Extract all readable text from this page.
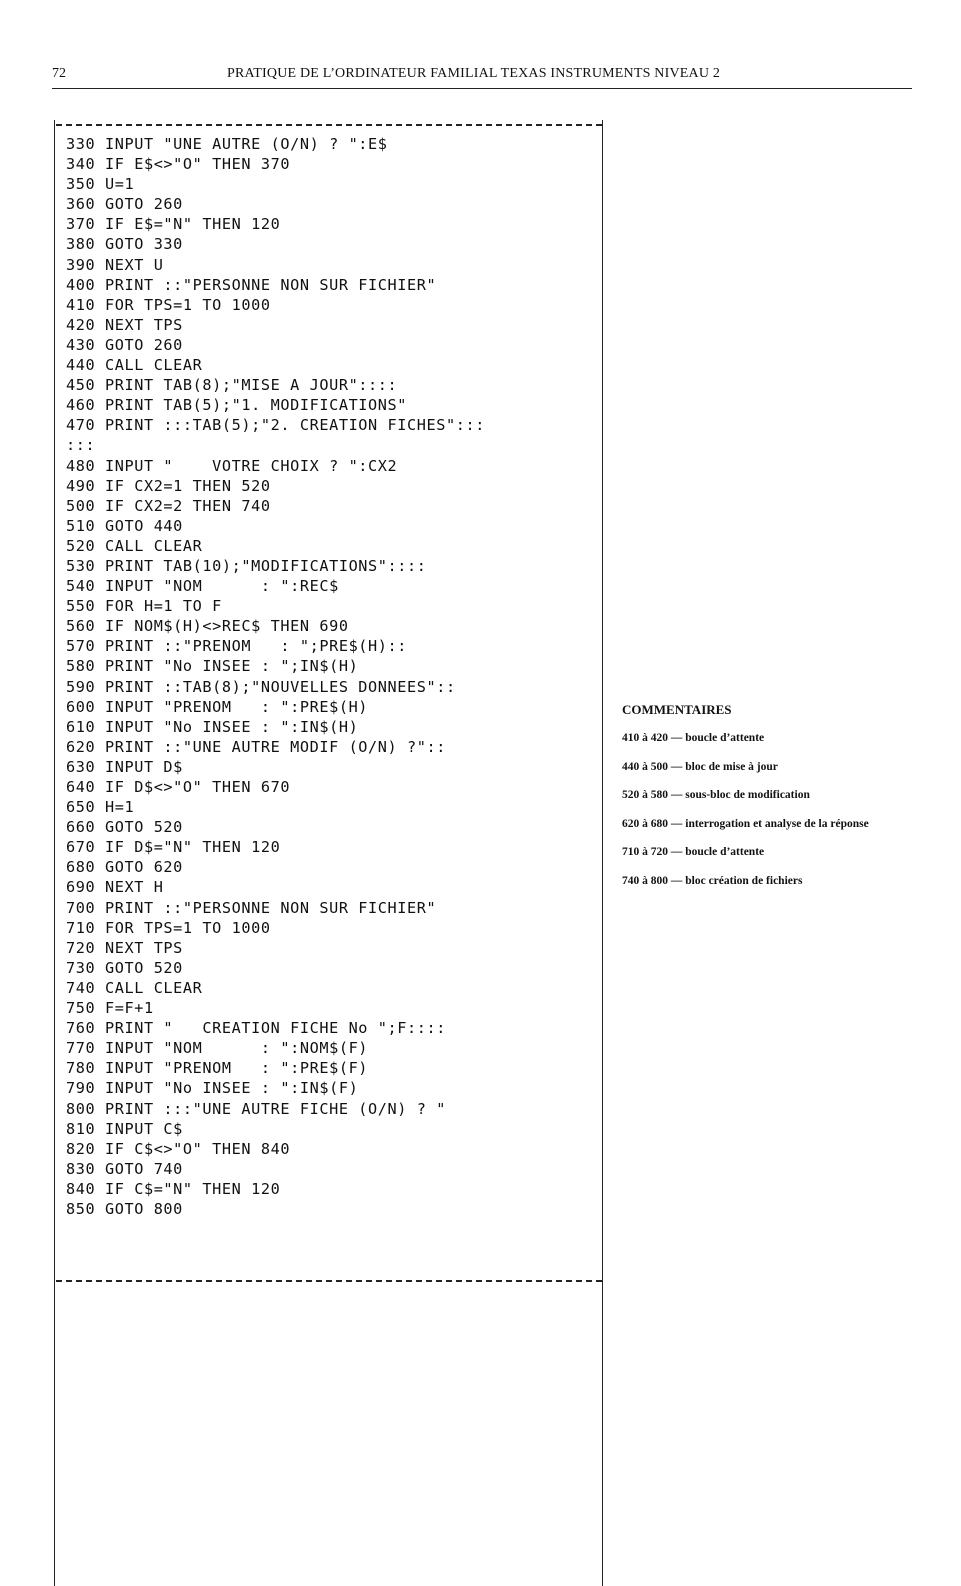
72	PRATIQUE DE L’ORDINATEUR FAMILIAL TEXAS INSTRUMENTS NIVEAU 2
330 INPUT "UNE AUTRE (O/N) ? ":E$
340 IF E$<>"O" THEN 370
350 U=1
360 GOTO 260
370 IF E$="N" THEN 120
380 GOTO 330
390 NEXT U
400 PRINT ::"PERSONNE NON SUR FICHIER"
410 FOR TPS=1 TO 1000
420 NEXT TPS
430 GOTO 260
440 CALL CLEAR
450 PRINT TAB(8);"MISE A JOUR"::::
460 PRINT TAB(5);"1. MODIFICATIONS"
470 PRINT :::TAB(5);"2. CREATION FICHES":::
:::
480 INPUT "    VOTRE CHOIX ? ":CX2
490 IF CX2=1 THEN 520
500 IF CX2=2 THEN 740
510 GOTO 440
520 CALL CLEAR
530 PRINT TAB(10);"MODIFICATIONS"::::
540 INPUT "NOM      : ":REC$
550 FOR H=1 TO F
560 IF NOM$(H)<>REC$ THEN 690
570 PRINT ::"PRENOM   : ";PRE$(H)::
580 PRINT "No INSEE : ";IN$(H)
590 PRINT ::TAB(8);"NOUVELLES DONNEES"::
600 INPUT "PRENOM   : ":PRE$(H)
610 INPUT "No INSEE : ":IN$(H)
620 PRINT ::"UNE AUTRE MODIF (O/N) ?"::
630 INPUT D$
640 IF D$<>"O" THEN 670
650 H=1
660 GOTO 520
670 IF D$="N" THEN 120
680 GOTO 620
690 NEXT H
700 PRINT ::"PERSONNE NON SUR FICHIER"
710 FOR TPS=1 TO 1000
720 NEXT TPS
730 GOTO 520
740 CALL CLEAR
750 F=F+1
760 PRINT "   CREATION FICHE No ";F::::
770 INPUT "NOM      : ":NOM$(F)
780 INPUT "PRENOM   : ":PRE$(F)
790 INPUT "No INSEE : ":IN$(F)
800 PRINT :::"UNE AUTRE FICHE (O/N) ? "
810 INPUT C$
820 IF C$<>"O" THEN 840
830 GOTO 740
840 IF C$="N" THEN 120
850 GOTO 800
COMMENTAIRES
410 à 420 — boucle d’attente
440 à 500 — bloc de mise à jour
520 à 580 — sous-bloc de modification
620 à 680 — interrogation et analyse de la réponse
710 à 720 — boucle d’attente
740 à 800 — bloc création de fichiers
